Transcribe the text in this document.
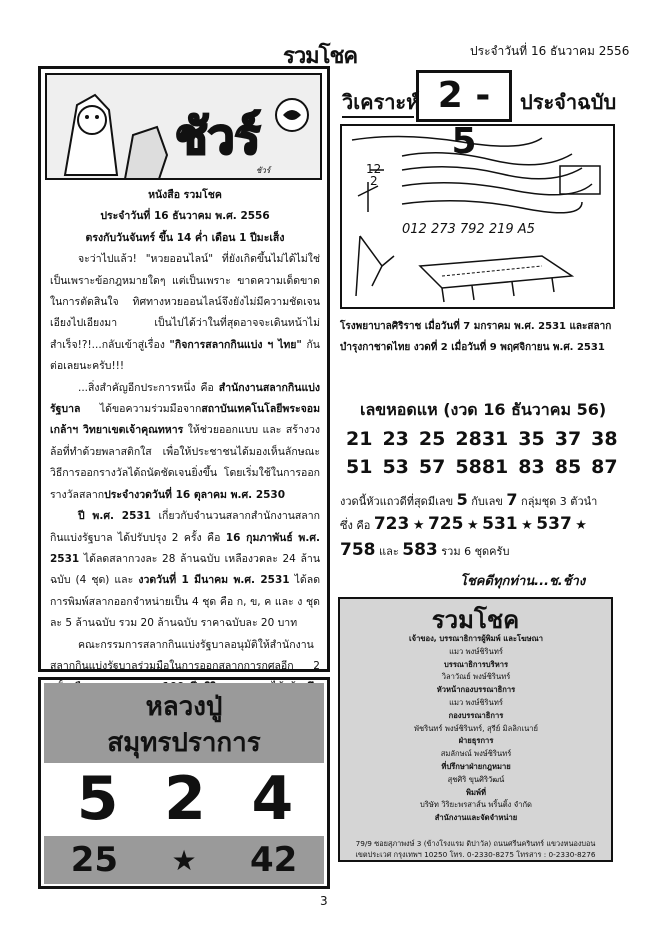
รวมโชค	ประจำวันที่ 16 ธันวาคม 2556
ชัวร์
ชัวร์
หนังสือ รวมโชค
ประจำวันที่ 16 ธันวาคม พ.ศ. 2556
ตรงกับวันจันทร์ ขึ้น 14 ค่ำ เดือน 1 ปีมะเส็ง

จะว่าไปแล้ว! "หวยออนไลน์" ที่ยังเกิดขึ้นไม่ได้ไม่ใช่เป็นเพราะข้อกฎหมายใดๆ แต่เป็นเพราะ ขาดความเด็ดขาดในการตัดสินใจ ทิศทางหวยออนไลน์จึงยังไม่มีความชัดเจน เอียงไปเอียงมา เป็นไปได้ว่าในที่สุดอาจจะเดินหน้าไม่สำเร็จ!?!...กลับเข้าสู่เรื่อง "กิจการสลากกินแบ่ง ฯ ไทย" กันต่อเลยนะครับ!!!

...สิ่งสำคัญอีกประการหนึ่ง คือ สำนักงานสลากกินแบ่งรัฐบาล ได้ขอความร่วมมือจากสถาบันเทคโนโลยีพระจอมเกล้าฯ วิทยาเขตเจ้าคุณทหาร ให้ช่วยออกแบบ และ สร้างวงล้อที่ทำด้วยพลาสติกใส เพื่อให้ประชาชนได้มองเห็นลักษณะวิธีการออกรางวัลได้ถนัดชัดเจนยิ่งขึ้น โดยเริ่มใช้ในการออกรางวัลสลากประจำงวดวันที่ 16 ตุลาคม พ.ศ. 2530

ปี พ.ศ. 2531 เกี่ยวกับจำนวนสลากสำนักงานสลากกินแบ่งรัฐบาล ได้ปรับปรุง 2 ครั้ง คือ 16 กุมภาพันธ์ พ.ศ. 2531 ได้ลดสลากวงละ 28 ล้านฉบับ เหลืองวดละ 24 ล้านฉบับ (4 ชุด) และ งวดวันที่ 1 มีนาคม พ.ศ. 2531 ได้ลดการพิมพ์สลากออกจำหน่ายเป็น 4 ชุด คือ ก, ข, ค และ ง ชุดละ 5 ล้านฉบับ รวม 20 ล้านฉบับ ราคาฉบับละ 20 บาท

คณะกรรมการสลากกินแบ่งรัฐบาลอนุมัติให้สำนักงานสลากกินแบ่งรัฐบาลร่วมมือในการออกสลากการกุศลอีก 2

หลวงปู่
สมุทรปราการ
5 2 4
25 ★ 42
วิเคราะห์ 2 - 5
ประจำฉบับ
12
2
012 273 792 219 A5
โรงพยาบาลศิริราช เมื่อวันที่ 7 มกราคม พ.ศ. 2531 และสลากบำรุงกาชาดไทย งวดที่ 2 เมื่อวันที่ 9 พฤศจิกายน พ.ศ. 2531
เลขหอดแห (งวด 16 ธันวาคม 56)
21 23 25 28 31 35 37 38
51 53 57 58 81 83 85 87
งวดนี้หัวแถวดีที่สุดมีเลข 5 กับเลข 7 กลุ่มชุด 3 ตัวนำ
ซึ่ง คือ 723 ★ 725 ★ 531 ★ 537 ★
758 และ 583 รวม 6 ชุดครับ
โชคดีทุกท่าน...ช.ช้าง
รวมโชค
เจ้าของ, บรรณาธิการผู้พิมพ์ และโฆษณา
แมว พงษ์ชิรินทร์
บรรณาธิการบริหาร
วิลาวัณย์ พงษ์ชิรินทร์
หัวหน้ากองบรรณาธิการ
แมว พงษ์ชิรินทร์
กองบรรณาธิการ
พัชรินทร์ พงษ์ชิรินทร์, สุรีย์ มิลลิกเนาย์
ฝ่ายธุรการ
สมลักษณ์ พงษ์ชิรินทร์
ที่ปรึกษาฝ่ายกฎหมาย
สุชศิริ ขุนศิริวัฒน์
พิมพ์ที่
บริษัท วิริยะพรสาส์น พริ้นติ้ง จำกัด
สำนักงานและจัดจำหน่าย
79/9 ซอยสุภาพงษ์ 3 (ข้างโรงแรม ดิปาวัล) ถนนศรีนครินทร์ แขวงหนองบอน
เขตประเวศ กรุงเทพฯ 10250 โทร. 0-2330-8275 โทรสาร : 0-2330-8276
3
